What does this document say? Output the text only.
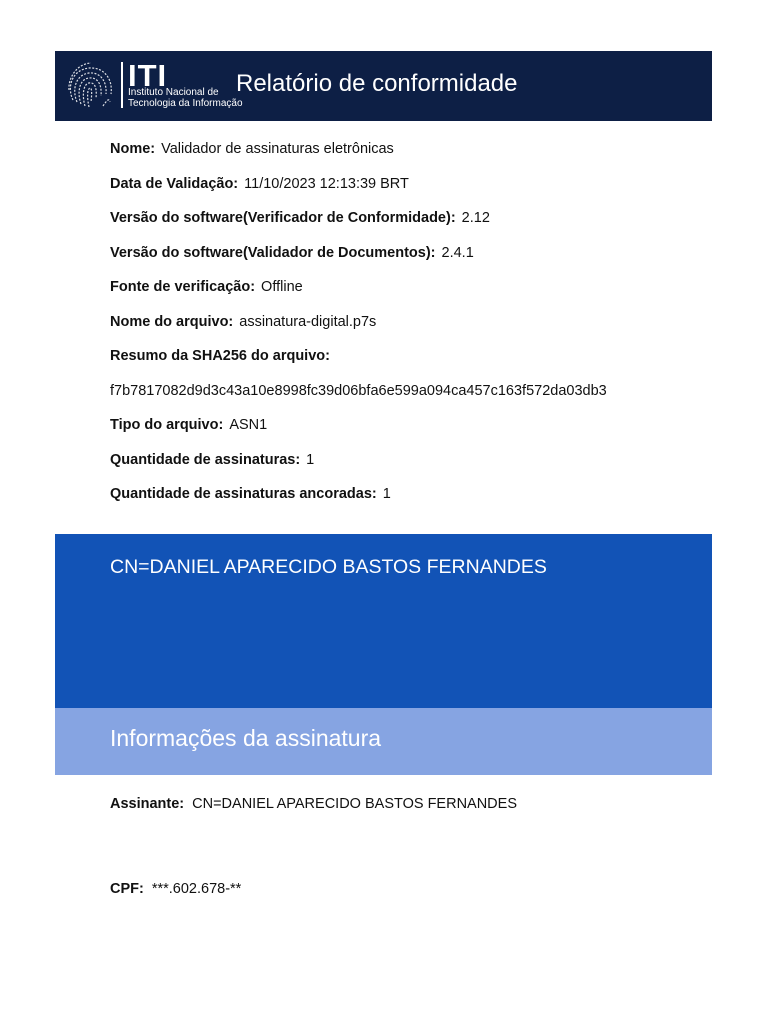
ITI
Instituto Nacional de
Tecnologia da Informação
Relatório de conformidade
Nome: Validador de assinaturas eletrônicas
Data de Validação: 11/10/2023 12:13:39 BRT
Versão do software(Verificador de Conformidade): 2.12
Versão do software(Validador de Documentos): 2.4.1
Fonte de verificação: Offline
Nome do arquivo: assinatura-digital.p7s
Resumo da SHA256 do arquivo:
f7b7817082d9d3c43a10e8998fc39d06bfa6e599a094ca457c163f572da03db3
Tipo do arquivo: ASN1
Quantidade de assinaturas: 1
Quantidade de assinaturas ancoradas: 1
CN=DANIEL APARECIDO BASTOS FERNANDES
Informações da assinatura
Assinante: CN=DANIEL APARECIDO BASTOS FERNANDES
CPF: ***.602.678-**
